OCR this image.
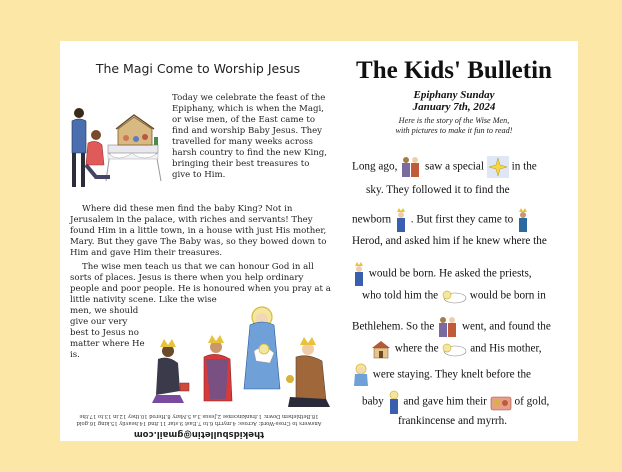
The Magi Come to Worship Jesus

Today we celebrate the feast of the Epiphany, which is when the Magi, or wise men, of the East came to find and worship Baby Jesus. They travelled for many weeks across harsh country to find the new King, bringing their best treasures to give to Him.

Where did these men find the baby King? Not in Jerusalem in the palace, with riches and servants! They found Him in a little town, in a house with just His mother, Mary. But they gave The Baby was, so they bowed down to Him and gave Him their treasures.

The wise men teach us that we can honour God in all sorts of places. Jesus is there when you help ordinary people and poor people. He is honoured when you pray at a little nativity scene. Like the wise

men, we should give our very best to Jesus no matter where He is.

Answers to Cross-Word: Across: 4.myrrh 6.to 7.East 9.star 11.find 14.heavily 15.king 16.gold 18.Bethlehem Down: 1.frankincense 2.Jesus 3.a 5.Mary 8.Herod 10.they 12.in 13.to 17.the
thekidsbulletin@gmail.com
The Kids' Bulletin
Epiphany Sunday
January 7th, 2024
Here is the story of the Wise Men,
with pictures to make it fun to read!
Long ago, saw a special in the
sky. They followed it to find the
newborn . But first they came to
Herod, and asked him if he knew where the
would be born. He asked the priests,
who told him the	would be born in
Bethlehem. So the went, and found the
where the	and His mother,
were staying. They knelt before the
baby and gave him their of gold,
frankincense and myrrh.
